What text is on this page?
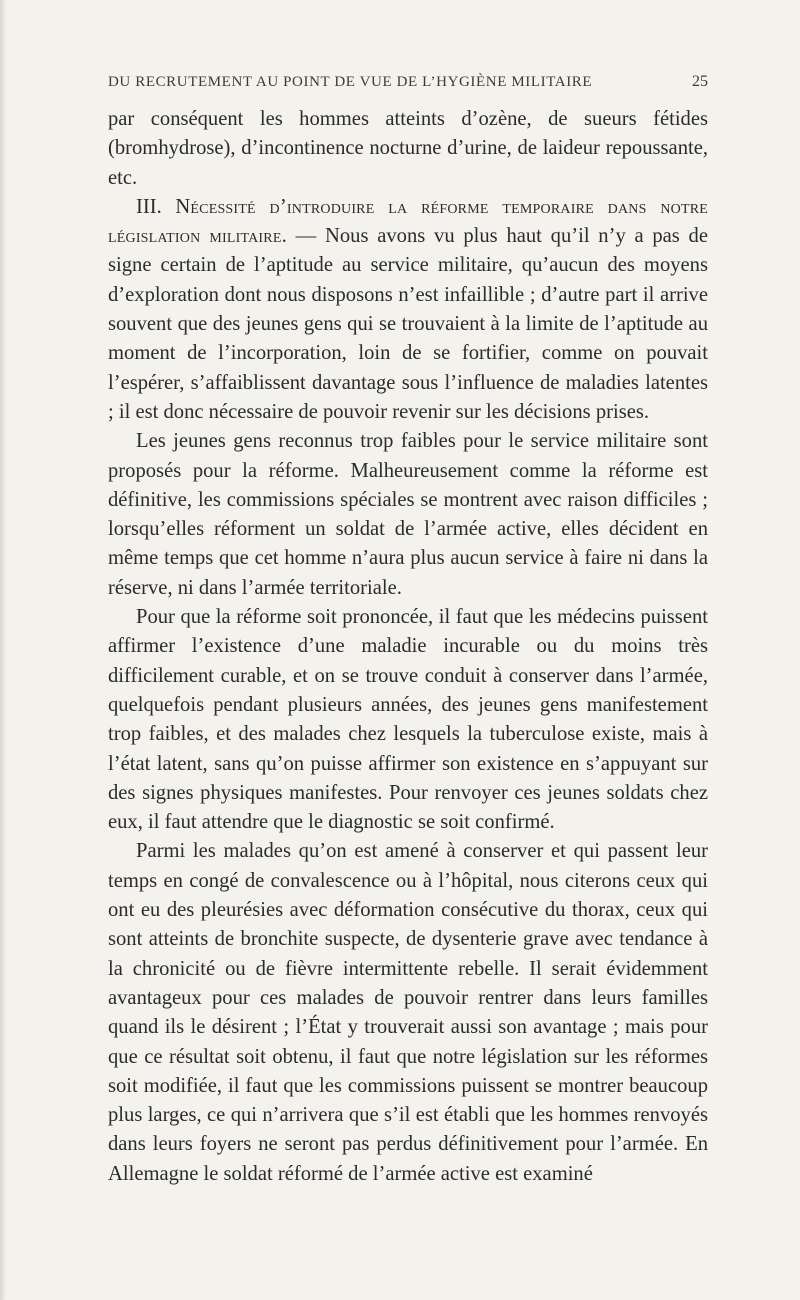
DU RECRUTEMENT AU POINT DE VUE DE L’HYGIÈNE MILITAIRE	25

par conséquent les hommes atteints d’ozène, de sueurs fétides (bromhydrose), d’incontinence nocturne d’urine, de laideur repoussante, etc.

III. Nécessité d’introduire la réforme temporaire dans notre législation militaire. — Nous avons vu plus haut qu’il n’y a pas de signe certain de l’aptitude au service militaire, qu’aucun des moyens d’exploration dont nous disposons n’est infaillible ; d’autre part il arrive souvent que des jeunes gens qui se trouvaient à la limite de l’aptitude au moment de l’incorporation, loin de se fortifier, comme on pouvait l’espérer, s’affaiblissent davantage sous l’influence de maladies latentes ; il est donc nécessaire de pouvoir revenir sur les décisions prises.

Les jeunes gens reconnus trop faibles pour le service militaire sont proposés pour la réforme. Malheureusement comme la réforme est définitive, les commissions spéciales se montrent avec raison difficiles ; lorsqu’elles réforment un soldat de l’armée active, elles décident en même temps que cet homme n’aura plus aucun service à faire ni dans la réserve, ni dans l’armée territoriale.

Pour que la réforme soit prononcée, il faut que les médecins puissent affirmer l’existence d’une maladie incurable ou du moins très difficilement curable, et on se trouve conduit à conserver dans l’armée, quelquefois pendant plusieurs années, des jeunes gens manifestement trop faibles, et des malades chez lesquels la tuberculose existe, mais à l’état latent, sans qu’on puisse affirmer son existence en s’appuyant sur des signes physiques manifestes. Pour renvoyer ces jeunes soldats chez eux, il faut attendre que le diagnostic se soit confirmé.

Parmi les malades qu’on est amené à conserver et qui passent leur temps en congé de convalescence ou à l’hôpital, nous citerons ceux qui ont eu des pleurésies avec déformation consécutive du thorax, ceux qui sont atteints de bronchite suspecte, de dysenterie grave avec tendance à la chronicité ou de fièvre intermittente rebelle. Il serait évidemment avantageux pour ces malades de pouvoir rentrer dans leurs familles quand ils le désirent ; l’État y trouverait aussi son avantage ; mais pour que ce résultat soit obtenu, il faut que notre législation sur les réformes soit modifiée, il faut que les commissions puissent se montrer beaucoup plus larges, ce qui n’arrivera que s’il est établi que les hommes renvoyés dans leurs foyers ne seront pas perdus définitivement pour l’armée. En Allemagne le soldat réformé de l’armée active est examiné
